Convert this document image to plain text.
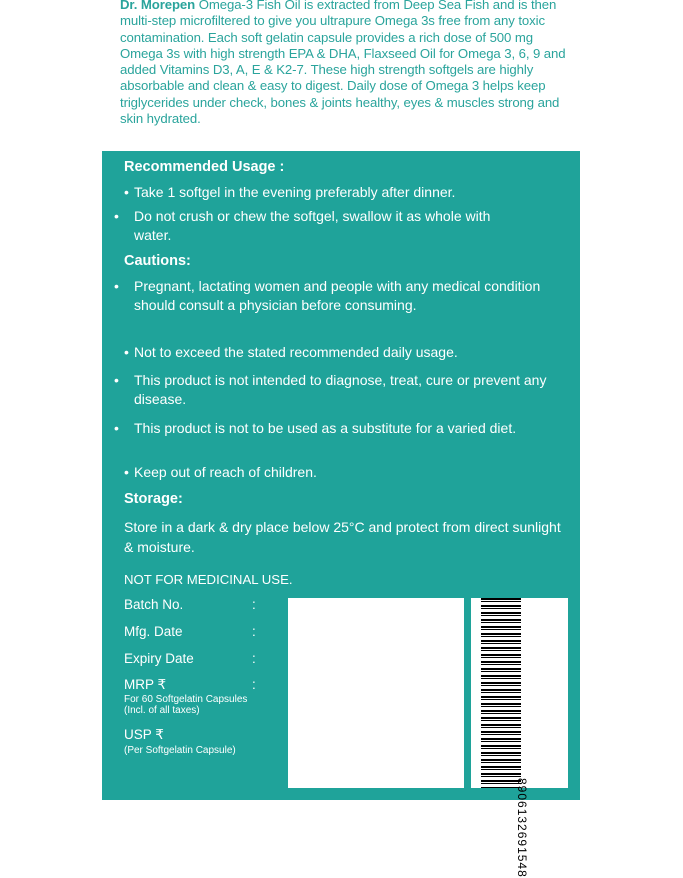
Dr. Morepen Omega-3 Fish Oil is extracted from Deep Sea Fish and is then multi-step microfiltered to give you ultrapure Omega 3s free from any toxic contamination. Each soft gelatin capsule provides a rich dose of 500 mg Omega 3s with high strength EPA & DHA, Flaxseed Oil for Omega 3, 6, 9 and added Vitamins D3, A, E & K2-7. These high strength softgels are highly absorbable and clean & easy to digest. Daily dose of Omega 3 helps keep triglycerides under check, bones & joints healthy, eyes & muscles strong and skin hydrated.
Recommended Usage :
• Take 1 softgel in the evening preferably after dinner.
• Do not crush or chew the softgel, swallow it as whole with water.
Cautions:
• Pregnant, lactating women and people with any medical condition should consult a physician before consuming.
• Not to exceed the stated recommended daily usage.
• This product is not intended to diagnose, treat, cure or prevent any disease.
• This product is not to be used as a substitute for a varied diet.
• Keep out of reach of children.
Storage:
Store in a dark & dry place below 25°C and protect from direct sunlight & moisture.
NOT FOR MEDICINAL USE.
Batch No.	:
Mfg. Date	:
Expiry Date	:
MRP ₹	:
For 60 Softgelatin Capsules
(Incl. of all taxes)
USP ₹
(Per Softgelatin Capsule)
8906132691548
